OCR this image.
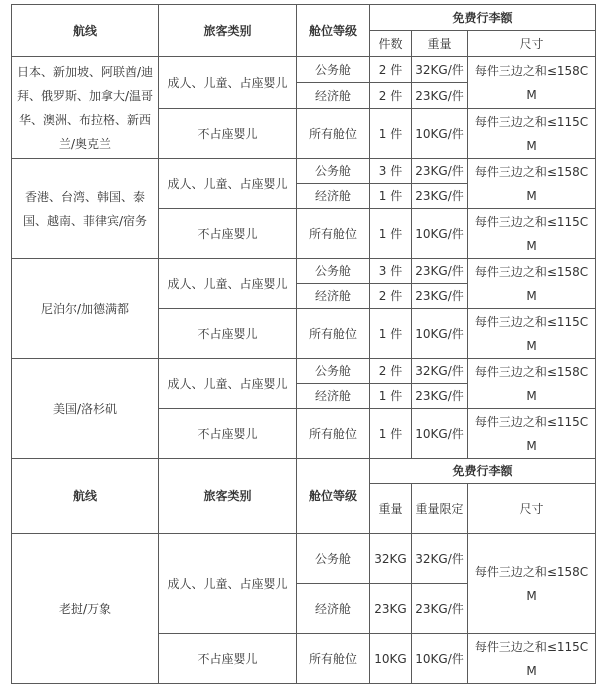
航线	旅客类别	舱位等级	免费行李额		
			件数	重量	尺寸
日本、新加坡、阿联酋/迪拜、俄罗斯、加拿大/温哥华、澳洲、布拉格、新西兰/奥克兰	成人、儿童、占座婴儿	公务舱	2 件	32KG/件	每件三边之和≤158CM
		经济舱	2 件	23KG/件	
	不占座婴儿	所有舱位	1 件	10KG/件	每件三边之和≤115CM

香港、台湾、韩国、泰国、越南、菲律宾/宿务	成人、儿童、占座婴儿	公务舱	3 件	23KG/件	每件三边之和≤158CM
		经济舱	1 件	23KG/件	
	不占座婴儿	所有舱位	1 件	10KG/件	每件三边之和≤115CM

尼泊尔/加德满都	成人、儿童、占座婴儿	公务舱	3 件	23KG/件	每件三边之和≤158CM
		经济舱	2 件	23KG/件	
	不占座婴儿	所有舱位	1 件	10KG/件	每件三边之和≤115CM

美国/洛杉矶	成人、儿童、占座婴儿	公务舱	2 件	32KG/件	每件三边之和≤158CM
		经济舱	1 件	23KG/件	
	不占座婴儿	所有舱位	1 件	10KG/件	每件三边之和≤115CM

航线	旅客类别	舱位等级	免费行李额		
			重量	重量限定	尺寸

老挝/万象	成人、儿童、占座婴儿	公务舱	32KG	32KG/件	每件三边之和≤158CM

		经济舱	23KG	23KG/件	

	不占座婴儿	所有舱位	10KG	10KG/件	每件三边之和≤115CM
